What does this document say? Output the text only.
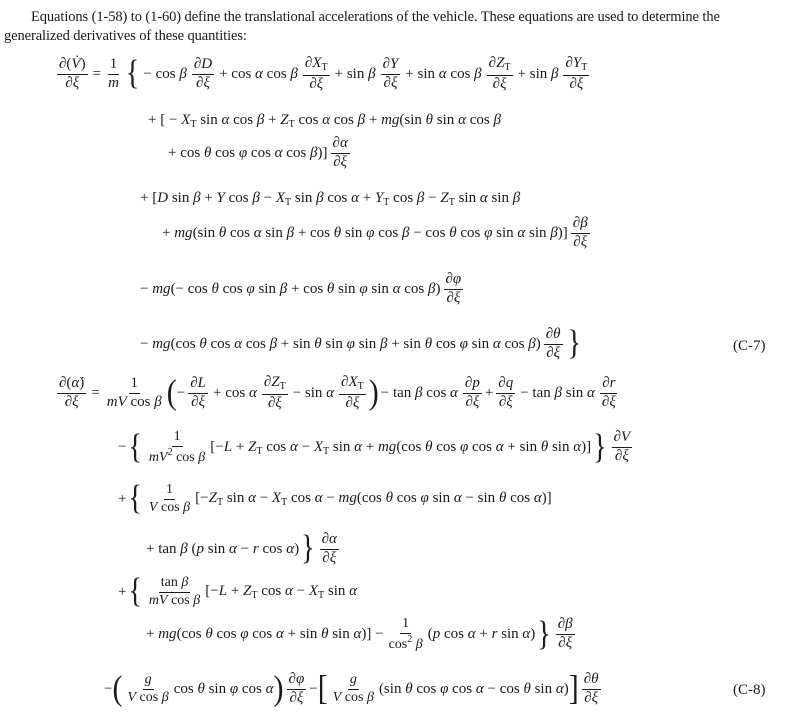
Equations (1-58) to (1-60) define the translational accelerations of the vehicle. These equations are used to determine the generalized derivatives of these quantities:
$\frac{\partial(V̇)}{\partial\xi} = \frac{1}{m}$ { − cos β $\frac{\partial D}{\partial\xi} + \cos \alpha$ cos β $\frac{\partial X_T}{\partial\xi} + \sin \beta \frac{\partial Y}{\partial\xi} + \sin \alpha$ cos β $\frac{\partial Z_T}{\partial\xi} + \sin \beta \frac{\partial Y_T}{\partial\xi}$
+ [ − $X_T$ sin α $\cos \beta + Z_T$ cos α cos β + mg(sin θ sin α cos β
+ cos θ cos φ cos α $\cos \beta)] \frac{\partial\alpha}{\partial\xi}$
+ [D sin β + Y $\cos \beta - X_T$ sin β $\cos \alpha + Y_T$ $\cos \beta - Z_T$ sin α sin β
+ mg(sin θ cos α sin β + cos θ sin φ cos β − cos θ cos φ sin α $\sin \beta)] \frac{\partial\beta}{\partial\xi}$
− mg(− cos θ cos φ sin β + cos θ sin φ sin α $\cos \beta) \frac{\partial\varphi}{\partial\xi}$
− mg(cos θ cos α cos β + sin θ sin φ sin β + sin θ cos φ sin α $\cos \beta) \frac{\partial\theta}{\partial\xi}$ }	(C-7)
$\frac{\partial(\alphȧ)}{\partial\xi} = \frac{1}{\text{mV cos β}}$ ( − $\frac{\partial L}{\partial\xi} + \cos \alpha \frac{\partial Z_T}{\partial\xi} - \sin \alpha \frac{\partial X_T}{\partial\xi}$ ) − tan β cos α $\frac{\partial p}{\partial\xi} + \frac{\partial q}{\partial\xi} - \tan \beta$ sin α $\frac{\partial r}{\partial\xi}$
− { $\frac{1}{mV^2 \cos \beta} [-L + Z_T$ $\cos \alpha - X_T$ sin α + mg(cos θ cos φ cos α + sin θ sin α)] } $\frac{\partial V}{\partial\xi}$
+ { $\frac{1}{\text{V cos β}} [-Z_T$ $\sin \alpha - X_T$ cos α − mg(cos θ cos φ sin α − sin θ cos α)]
+ tan β (p sin α − r cos α) } $\frac{\partial\alpha}{\partial\xi}$
+ { $\frac{\text{tan β}}{\text{mV cos β}} [-L + Z_T$ $\cos \alpha - X_T$ sin α
+ mg(cos θ cos φ cos α + sin θ $\sin \alpha)] - \frac{1}{\cos^2 \beta} (p$ cos α + r sin α) } $\frac{\partial\beta}{\partial\xi}$
− ( $\frac{g}{\text{V cos β}}$ cos θ sin φ cos α ) $\frac{\partial\varphi}{\partial\xi}$ − [ $\frac{g}{\text{V cos β}} (\sin$ θ cos φ cos α − cos θ sin α) ] $\frac{\partial\theta}{\partial\xi}$	(C-8)
